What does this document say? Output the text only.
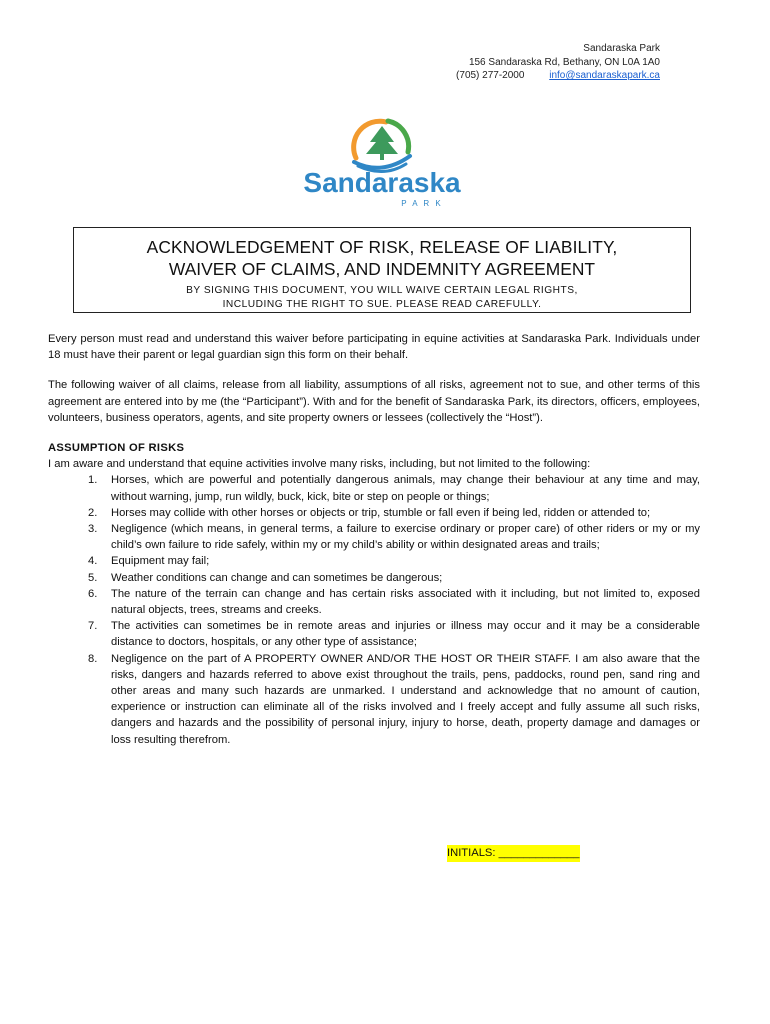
Sandaraska Park
156 Sandaraska Rd, Bethany, ON L0A 1A0
(705) 277-2000 info@sandaraskapark.ca
Sandaraska
P A R K
ACKNOWLEDGEMENT OF RISK, RELEASE OF LIABILITY,
WAIVER OF CLAIMS, AND INDEMNITY AGREEMENT
BY SIGNING THIS DOCUMENT, YOU WILL WAIVE CERTAIN LEGAL RIGHTS,
INCLUDING THE RIGHT TO SUE. PLEASE READ CAREFULLY.

Every person must read and understand this waiver before participating in equine activities at Sandaraska Park. Individuals under 18 must have their parent or legal guardian sign this form on their behalf.

The following waiver of all claims, release from all liability, assumptions of all risks, agreement not to sue, and other terms of this agreement are entered into by me (the “Participant”). With and for the benefit of Sandaraska Park, its directors, officers, employees, volunteers, business operators, agents, and site property owners or lessees (collectively the “Host”).

ASSUMPTION OF RISKS
I am aware and understand that equine activities involve many risks, including, but not limited to the following:
1. Horses, which are powerful and potentially dangerous animals, may change their behaviour at any time and may, without warning, jump, run wildly, buck, kick, bite or step on people or things;
2. Horses may collide with other horses or objects or trip, stumble or fall even if being led, ridden or attended to;
3. Negligence (which means, in general terms, a failure to exercise ordinary or proper care) of other riders or my or my child’s own failure to ride safely, within my or my child’s ability or within designated areas and trails;
4. Equipment may fail;
5. Weather conditions can change and can sometimes be dangerous;
6. The nature of the terrain can change and has certain risks associated with it including, but not limited to, exposed natural objects, trees, streams and creeks.
7. The activities can sometimes be in remote areas and injuries or illness may occur and it may be a considerable distance to doctors, hospitals, or any other type of assistance;
8. Negligence on the part of A PROPERTY OWNER AND/OR THE HOST OR THEIR STAFF. I am also aware that the risks, dangers and hazards referred to above exist throughout the trails, pens, paddocks, round pen, sand ring and other areas and many such hazards are unmarked. I understand and acknowledge that no amount of caution, experience or instruction can eliminate all of the risks involved and I freely accept and fully assume all such risks, dangers and hazards and the possibility of personal injury, injury to horse, death, property damage and damages or loss resulting therefrom.
INITIALS: _____________
